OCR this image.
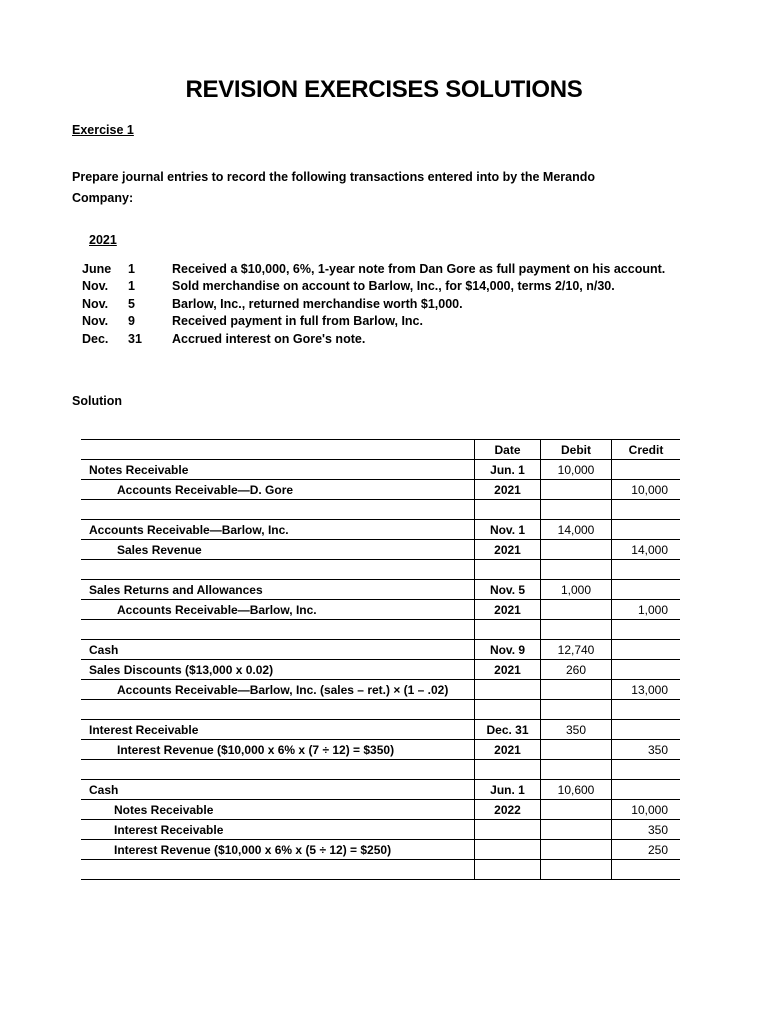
REVISION EXERCISES SOLUTIONS
Exercise 1
Prepare journal entries to record the following transactions entered into by the Merando Company:
2021
June 1	Received a $10,000, 6%, 1-year note from Dan Gore as full payment on his account.
Nov. 1	Sold merchandise on account to Barlow, Inc., for $14,000, terms 2/10, n/30.
Nov. 5	Barlow, Inc., returned merchandise worth $1,000.
Nov. 9	Received payment in full from Barlow, Inc.
Dec. 31 Accrued interest on Gore's note.
Solution
	Date	Debit	Credit
Notes Receivable	Jun. 1	10,000	
Accounts Receivable—D. Gore	2021		10,000

Accounts Receivable—Barlow, Inc.	Nov. 1	14,000	
Sales Revenue	2021		14,000

Sales Returns and Allowances	Nov. 5	1,000	
Accounts Receivable—Barlow, Inc.	2021		1,000

Cash	Nov. 9	12,740	
Sales Discounts ($13,000 x 0.02)	2021	260	
Accounts Receivable—Barlow, Inc. (sales – ret.) × (1 – .02)			13,000

Interest Receivable	Dec. 31	350	
Interest Revenue ($10,000 x 6% x (7 ÷ 12) = $350)	2021		350

Cash	Jun. 1	10,600	
Notes Receivable	2022		10,000
Interest Receivable			350
Interest Revenue ($10,000 x 6% x (5 ÷ 12) = $250)			250
